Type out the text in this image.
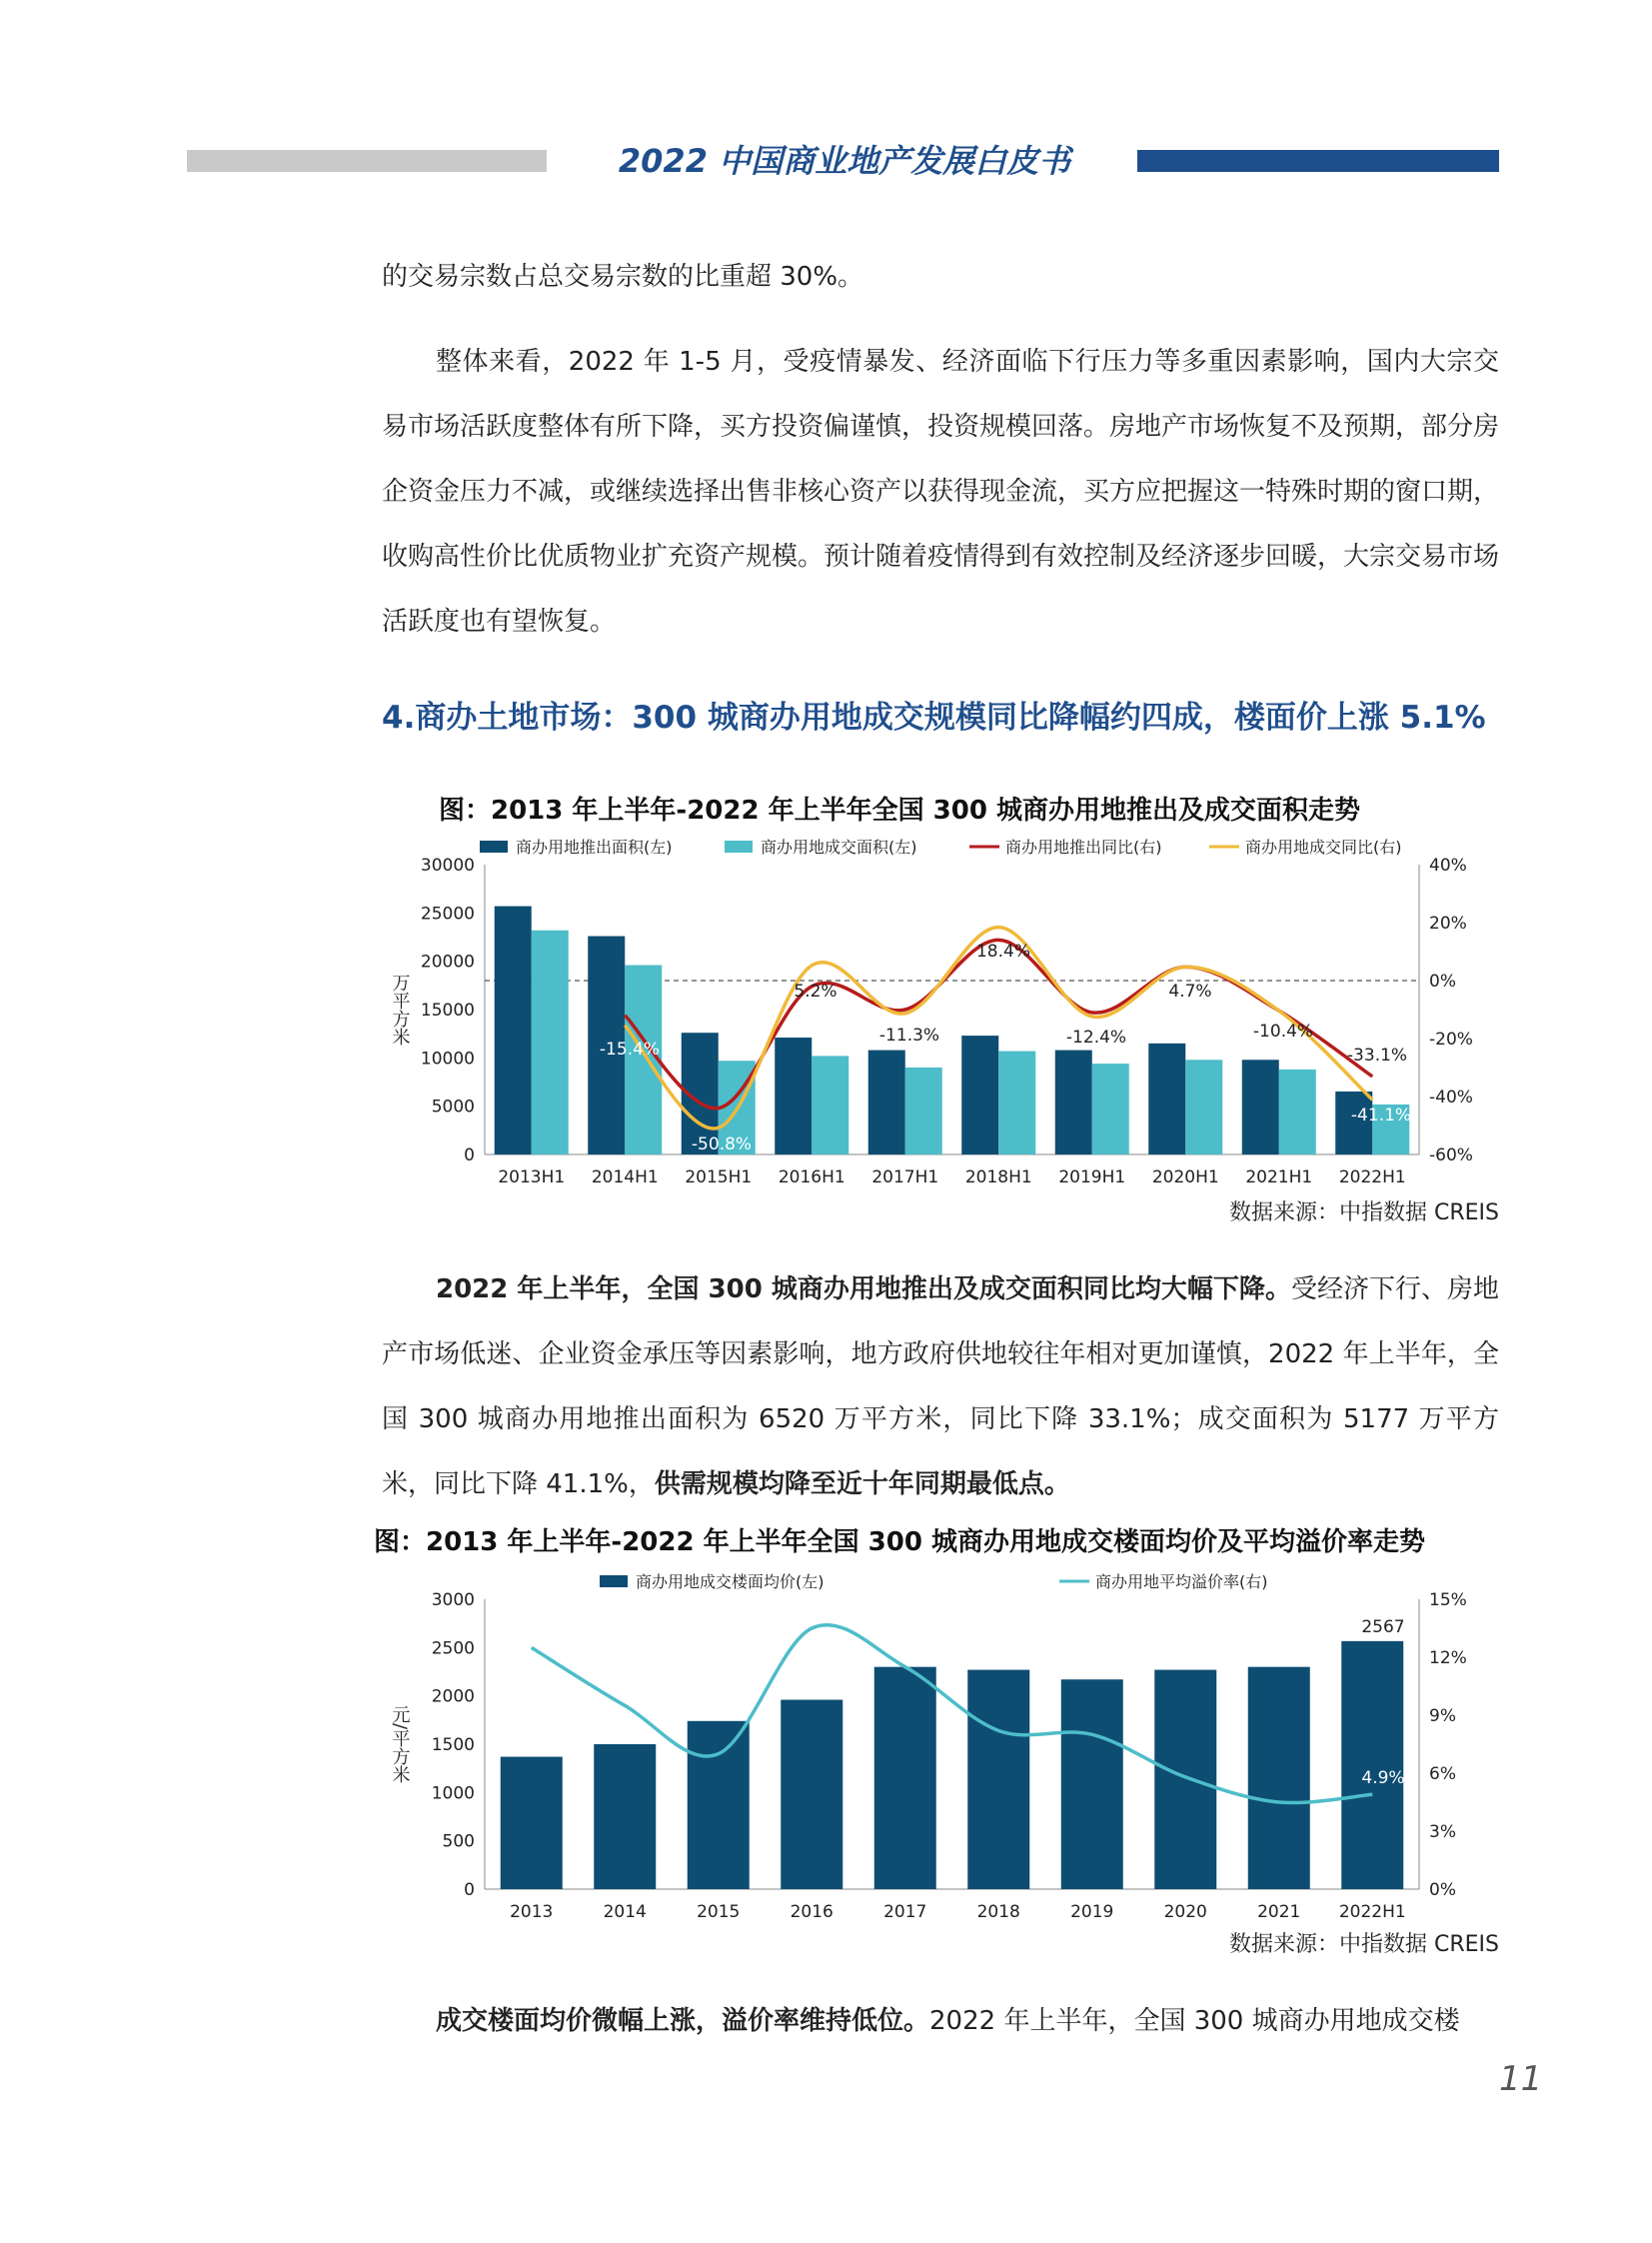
2022 中国商业地产发展白皮书

的交易宗数占总交易宗数的比重超 30%。

整体来看，2022 年 1-5 月，受疫情暴发、经济面临下行压力等多重因素影响，国内大宗交易市场活跃度整体有所下降，买方投资偏谨慎，投资规模回落。房地产市场恢复不及预期，部分房企资金压力不减，或继续选择出售非核心资产以获得现金流，买方应把握这一特殊时期的窗口期，收购高性价比优质物业扩充资产规模。预计随着疫情得到有效控制及经济逐步回暖，大宗交易市场活跃度也有望恢复。

4.商办土地市场：300 城商办用地成交规模同比降幅约四成，楼面价上涨 5.1%
图：2013 年上半年-2022 年上半年全国 300 城商办用地推出及成交面积走势
0
5000
10000
15000
20000
25000
30000
-60%
-40%
-20%
0%
20%
40%
万平方米
2013H1 2014H1 2015H1 2016H1 2017H1 2018H1 2019H1 2020H1 2021H1 2022H1
商办用地推出面积(左)	商办用地成交面积(左)	商办用地推出同比(右)	商办用地成交同比(右)
-15.4%
-50.8%
5.2%
-11.3%
18.4%
-12.4%
4.7%
-10.4%
-33.1%
-41.1%
数据来源：中指数据 CREIS

2022 年上半年，全国 300 城商办用地推出及成交面积同比均大幅下降。受经济下行、房地产市场低迷、企业资金承压等因素影响，地方政府供地较往年相对更加谨慎，2022 年上半年，全国 300 城商办用地推出面积为 6520 万平方米，同比下降 33.1%；成交面积为 5177 万平方米，同比下降 41.1%，供需规模均降至近十年同期最低点。

图：2013 年上半年-2022 年上半年全国 300 城商办用地成交楼面均价及平均溢价率走势
0
500
1000
1500
2000
2500
3000
0%
3%
6%
9%
12%
15%
元/平方米
2013	2014	2015	2016	2017	2018	2019	2020	2021 2022H1
商办用地成交楼面均价(左)	商办用地平均溢价率(右)
2567
4.9%
数据来源：中指数据 CREIS

成交楼面均价微幅上涨，溢价率维持低位。2022 年上半年，全国 300 城商办用地成交楼

11
